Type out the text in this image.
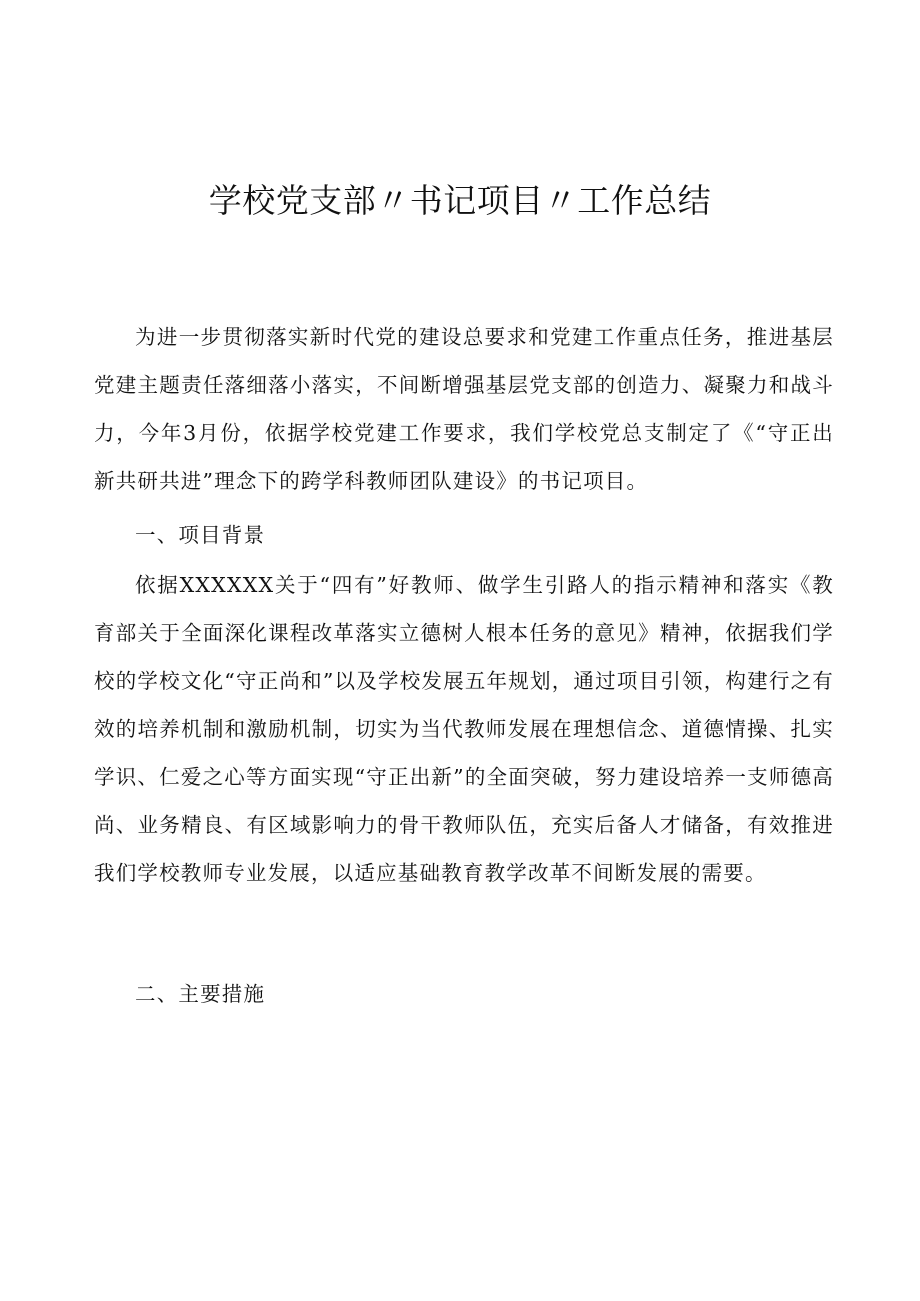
学校党支部〃书记项目〃工作总结

为进一步贯彻落实新时代党的建设总要求和党建工作重点任务，推进基层党建主题责任落细落小落实，不间断增强基层党支部的创造力、凝聚力和战斗力，今年3月份，依据学校党建工作要求，我们学校党总支制定了《“守正出新共研共进”理念下的跨学科教师团队建设》的书记项目。

一、项目背景

依据XXXXXX关于“四有”好教师、做学生引路人的指示精神和落实《教育部关于全面深化课程改革落实立德树人根本任务的意见》精神，依据我们学校的学校文化“守正尚和”以及学校发展五年规划，通过项目引领，构建行之有效的培养机制和激励机制，切实为当代教师发展在理想信念、道德情操、扎实学识、仁爱之心等方面实现“守正出新”的全面突破，努力建设培养一支师德高尚、业务精良、有区域影响力的骨干教师队伍，充实后备人才储备，有效推进我们学校教师专业发展，以适应基础教育教学改革不间断发展的需要。

二、主要措施
